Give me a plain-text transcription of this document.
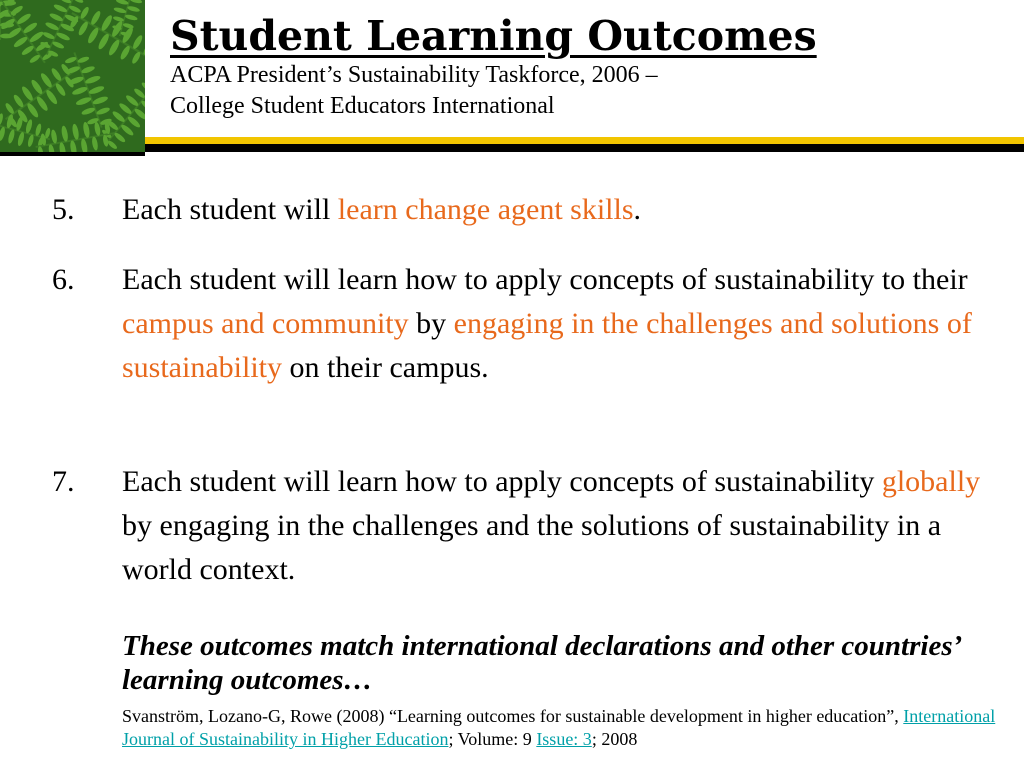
Student Learning Outcomes
ACPA President’s Sustainability Taskforce, 2006 –
College Student Educators International
5. Each student will learn change agent skills.
6. Each student will learn how to apply concepts of sustainability to their campus and community by engaging in the challenges and solutions of sustainability on their campus.
7. Each student will learn how to apply concepts of sustainability globally by engaging in the challenges and the solutions of sustainability in a world context.
These outcomes match international declarations and other countries’ learning outcomes…
Svanström, Lozano-G, Rowe (2008) “Learning outcomes for sustainable development in higher education”, International Journal of Sustainability in Higher Education; Volume: 9 Issue: 3; 2008
